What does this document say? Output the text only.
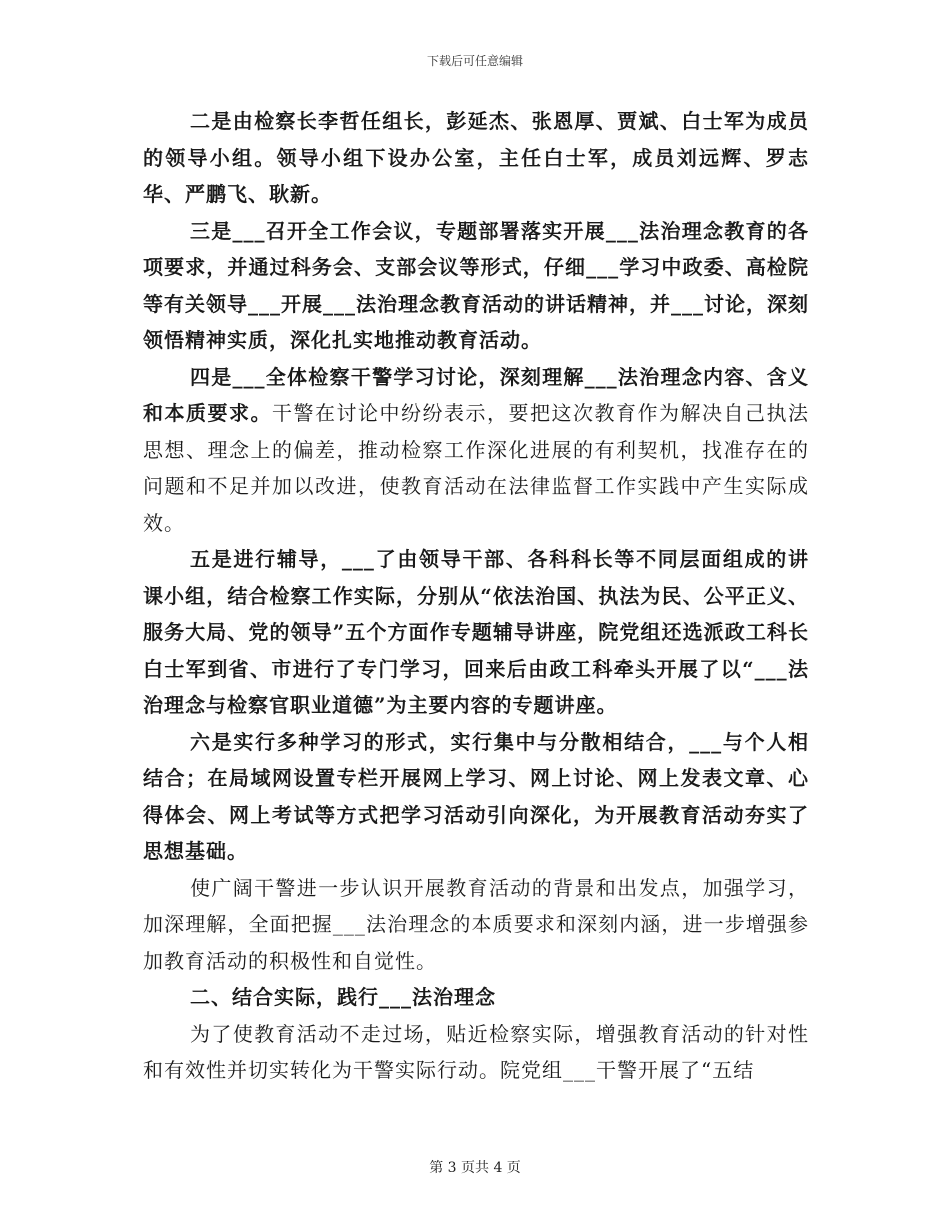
下载后可任意编辑

二是由检察长李哲任组长，彭延杰、张恩厚、贾斌、白士军为成员的领导小组。领导小组下设办公室，主任白士军，成员刘远辉、罗志华、严鹏飞、耿新。

三是___召开全工作会议，专题部署落实开展___法治理念教育的各项要求，并通过科务会、支部会议等形式，仔细___学习中政委、高检院等有关领导___开展___法治理念教育活动的讲话精神，并___讨论，深刻领悟精神实质，深化扎实地推动教育活动。

四是___全体检察干警学习讨论，深刻理解___法治理念内容、含义和本质要求。干警在讨论中纷纷表示，要把这次教育作为解决自己执法思想、理念上的偏差，推动检察工作深化进展的有利契机，找准存在的问题和不足并加以改进，使教育活动在法律监督工作实践中产生实际成效。

五是进行辅导，___了由领导干部、各科科长等不同层面组成的讲课小组，结合检察工作实际，分别从“依法治国、执法为民、公平正义、服务大局、党的领导”五个方面作专题辅导讲座，院党组还选派政工科长白士军到省、市进行了专门学习，回来后由政工科牵头开展了以“___法治理念与检察官职业道德”为主要内容的专题讲座。

六是实行多种学习的形式，实行集中与分散相结合，___与个人相结合；在局域网设置专栏开展网上学习、网上讨论、网上发表文章、心得体会、网上考试等方式把学习活动引向深化，为开展教育活动夯实了思想基础。

使广阔干警进一步认识开展教育活动的背景和出发点，加强学习，加深理解，全面把握___法治理念的本质要求和深刻内涵，进一步增强参加教育活动的积极性和自觉性。

二、结合实际，践行___法治理念

为了使教育活动不走过场，贴近检察实际，增强教育活动的针对性和有效性并切实转化为干警实际行动。院党组___干警开展了“五结

第 3 页共 4 页
